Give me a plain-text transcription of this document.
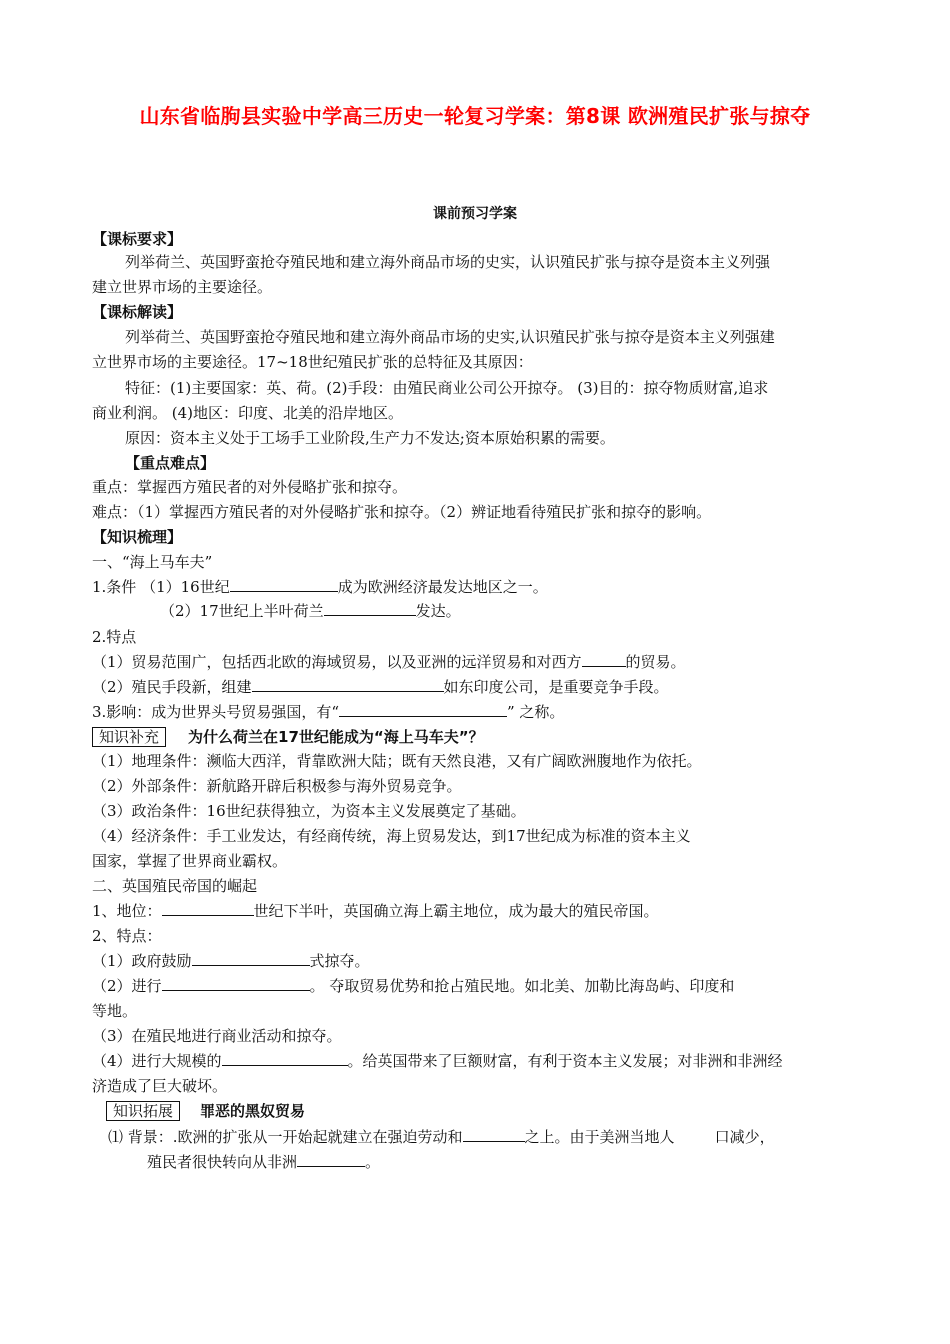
山东省临朐县实验中学高三历史一轮复习学案：第8课 欧洲殖民扩张与掠夺
课前预习学案
【课标要求】
列举荷兰、英国野蛮抢夺殖民地和建立海外商品市场的史实，认识殖民扩张与掠夺是资本主义列强
建立世界市场的主要途径。
【课标解读】
列举荷兰、英国野蛮抢夺殖民地和建立海外商品市场的史实,认识殖民扩张与掠夺是资本主义列强建
立世界市场的主要途径。17~18世纪殖民扩张的总特征及其原因：
特征：(1)主要国家：英、荷。(2)手段：由殖民商业公司公开掠夺。 (3)目的：掠夺物质财富,追求
商业利润。 (4)地区：印度、北美的沿岸地区。
原因：资本主义处于工场手工业阶段,生产力不发达;资本原始积累的需要。
【重点难点】
重点：掌握西方殖民者的对外侵略扩张和掠夺。
难点：（1）掌握西方殖民者的对外侵略扩张和掠夺。（2）辨证地看待殖民扩张和掠夺的影响。
【知识梳理】
一、“海上马车夫”
1.条件 （1）16世纪	成为欧洲经济最发达地区之一。
（2）17世纪上半叶荷兰	发达。
2.特点
（1）贸易范围广，包括西北欧的海域贸易，以及亚洲的远洋贸易和对西方	的贸易。
（2）殖民手段新，组建	如东印度公司，是重要竞争手段。
3.影响：成为世界头号贸易强国，有“	” 之称。
知识补充 为什么荷兰在17世纪能成为“海上马车夫”？
（1）地理条件：濒临大西洋，背靠欧洲大陆；既有天然良港，又有广阔欧洲腹地作为依托。
（2）外部条件：新航路开辟后积极参与海外贸易竞争。
（3）政治条件：16世纪获得独立，为资本主义发展奠定了基础。
（4）经济条件：手工业发达，有经商传统，海上贸易发达，到17世纪成为标准的资本主义
国家，掌握了世界商业霸权。
二、英国殖民帝国的崛起
1、地位：	世纪下半叶，英国确立海上霸主地位，成为最大的殖民帝国。
2、特点：
（1）政府鼓励	式掠夺。
（2）进行	。 夺取贸易优势和抢占殖民地。如北美、加勒比海岛屿、印度和
等地。
（3）在殖民地进行商业活动和掠夺。
（4）进行大规模的	。给英国带来了巨额财富，有利于资本主义发展；对非洲和非洲经
济造成了巨大破坏。
知识拓展 罪恶的黑奴贸易
⑴ 背景：.欧洲的扩张从一开始起就建立在强迫劳动和	之上。由于美洲当地人	口减少，
殖民者很快转向从非洲	。
